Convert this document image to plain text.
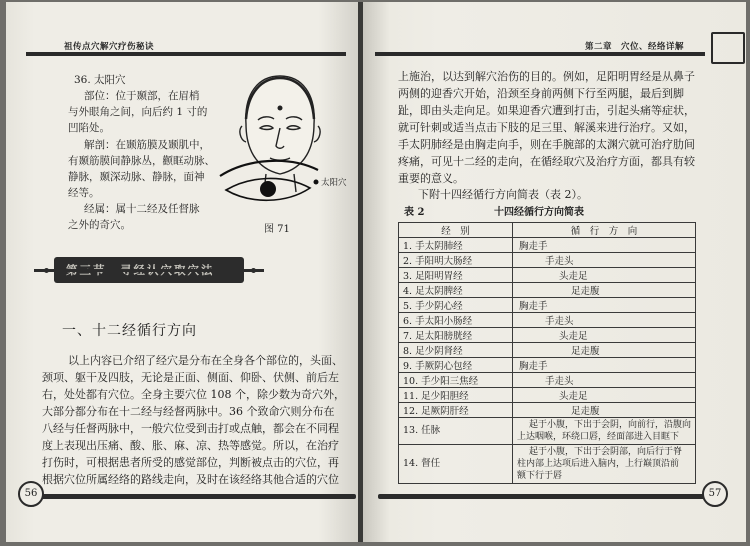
祖传点穴解穴疗伤秘诀
36. 太阳穴
部位：位于颞部，在眉梢
与外眼角之间，向后约 1 寸的
凹陷处。
解剖：在颞筋膜及颞肌中，
有颞筋膜间静脉丛，颧眶动脉、
静脉，颞深动脉、静脉，面神
经等。
经属：属十二经及任督脉
之外的奇穴。
太阳穴
图 71
一、十二经循行方向
以上内容已介绍了经穴是分布在全身各个部位的，头面、
颈项、躯干及四肢，无论是正面、侧面、仰卧、伏侧、前后左
右，处处都有穴位。全身主要穴位 108 个，除少数为奇穴外，
大部分都分布在十二经与经督两脉中。36 个致命穴则分布在
八经与任督两脉中，一般穴位受到击打或点触，都会在不同程
度上表现出压痛、酸、胀、麻、凉、热等感觉。所以，在治疗
打伤时，可根据患者所受的感觉部位，判断被点击的穴位，再
根据穴位所属经络的路线走向，及时在该经络其他合适的穴位
56
第二章　穴位、经络详解
上施治，以达到解穴治伤的目的。例如，足阳明胃经是从鼻子
两侧的迎香穴开始，沿颈至身前两侧下行至两腿，最后到脚
趾，即由头走向足。如果迎香穴遭到打击，引起头痛等症状，
就可针刺或适当点击下肢的足三里、解溪来进行治疗。又如，
手太阴肺经是由胸走向手，则在手腕部的太渊穴就可治疗肋间
疼痛，可见十二经的走向，在循经取穴及治疗方面，都具有较
重要的意义。
下附十四经循行方向简表（表 2）。
表 2	十四经循行方向简表
经　别	循　行　方　向
1. 手太阴肺经	胸走手
2. 手阳明大肠经	手走头
3. 足阳明胃经	头走足
4. 足太阴脾经	足走腹
5. 手少阴心经	胸走手
6. 手太阳小肠经	手走头
7. 足太阳膀胱经	头走足
8. 足少阴肾经	足走腹
9. 手厥阴心包经	胸走手
10. 手少阳三焦经	手走头
11. 足少阳胆经	头走足
12. 足厥阴肝经	足走腹
13. 任脉	起于小腹，下出于会阴，向前行，沿腹向
上达咽喉，环绕口唇，经面部进入目眶下

14. 督任	起于小腹，下出于会阴部，向后行于脊
柱内部上达项后进入脑内，上行巅顶沿前
额下行于唇
57
